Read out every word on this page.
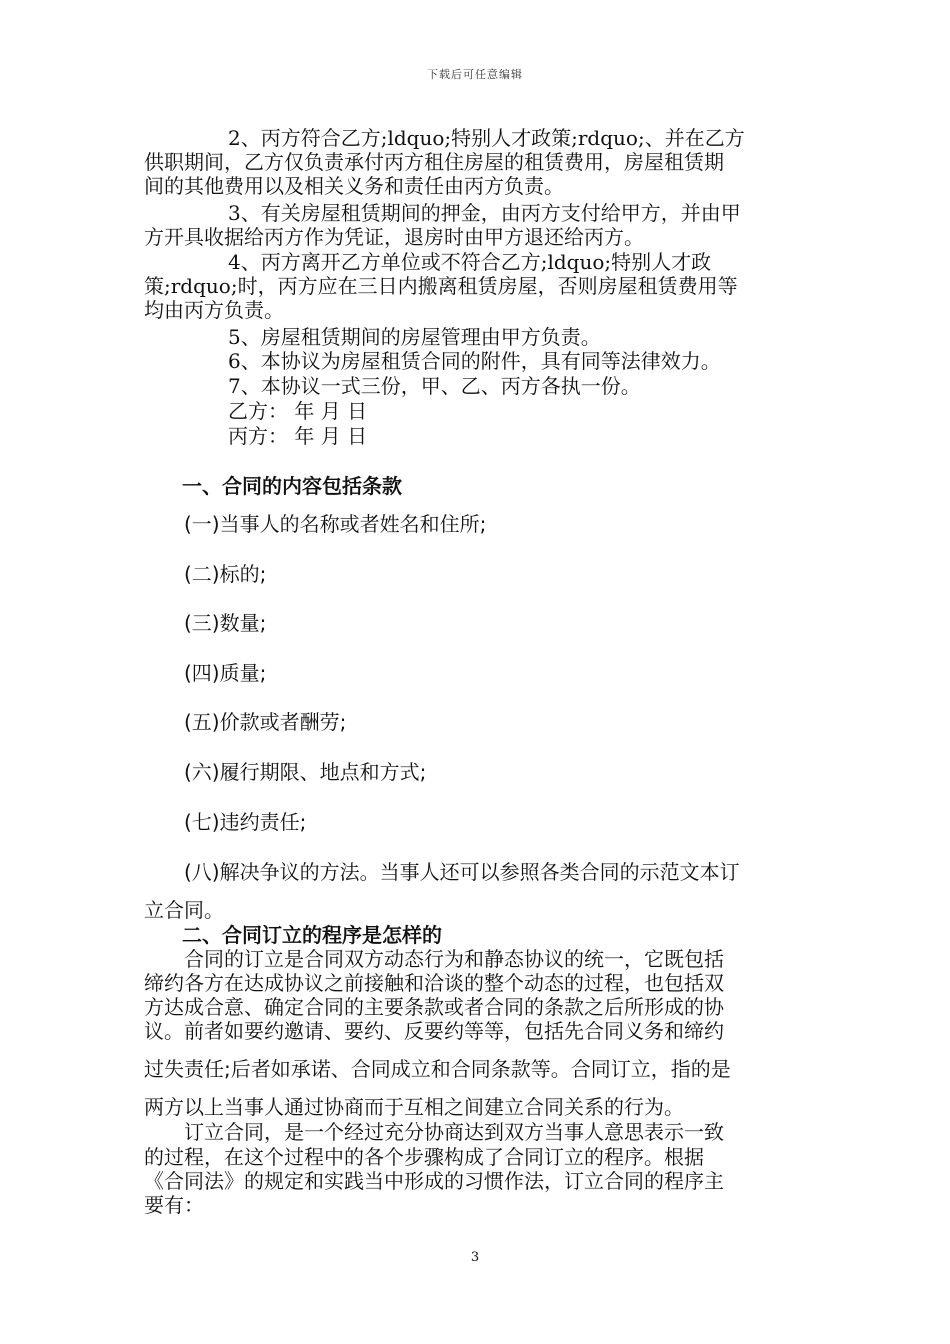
下载后可任意编辑
2、丙方符合乙方;ldquo;特别人才政策;rdquo;、并在乙方
供职期间，乙方仅负责承付丙方租住房屋的租赁费用，房屋租赁期
间的其他费用以及相关义务和责任由丙方负责。
3、有关房屋租赁期间的押金，由丙方支付给甲方，并由甲
方开具收据给丙方作为凭证，退房时由甲方退还给丙方。
4、丙方离开乙方单位或不符合乙方;ldquo;特别人才政
策;rdquo;时，丙方应在三日内搬离租赁房屋，否则房屋租赁费用等
均由丙方负责。
5、房屋租赁期间的房屋管理由甲方负责。
6、本协议为房屋租赁合同的附件，具有同等法律效力。
7、本协议一式三份，甲、乙、丙方各执一份。
乙方： 年 月 日
丙方： 年 月 日
一、合同的内容包括条款
(一)当事人的名称或者姓名和住所;
(二)标的;
(三)数量;
(四)质量;
(五)价款或者酬劳;
(六)履行期限、地点和方式;
(七)违约责任;
(八)解决争议的方法。当事人还可以参照各类合同的示范文本订
立合同。
二、合同订立的程序是怎样的
合同的订立是合同双方动态行为和静态协议的统一，它既包括
缔约各方在达成协议之前接触和洽谈的整个动态的过程，也包括双
方达成合意、确定合同的主要条款或者合同的条款之后所形成的协
议。前者如要约邀请、要约、反要约等等，包括先合同义务和缔约
过失责任;后者如承诺、合同成立和合同条款等。合同订立，指的是
两方以上当事人通过协商而于互相之间建立合同关系的行为。
订立合同，是一个经过充分协商达到双方当事人意思表示一致
的过程，在这个过程中的各个步骤构成了合同订立的程序。根据
《合同法》的规定和实践当中形成的习惯作法，订立合同的程序主
要有：
3
